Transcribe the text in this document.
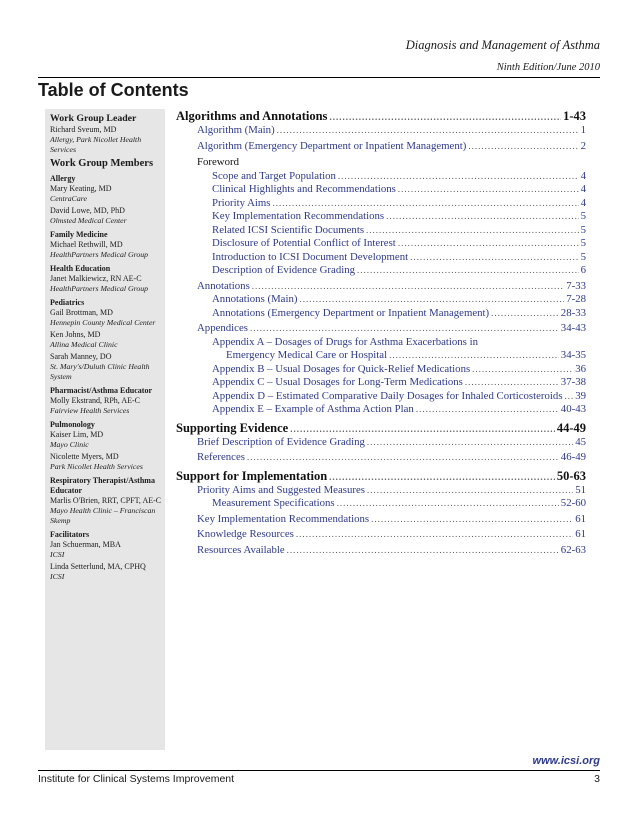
Diagnosis and Management of Asthma
Ninth Edition/June 2010
Table of Contents
Work Group Leader
Richard Sveum, MD
Allergy, Park Nicollet Health Services
Work Group Members
Allergy
Mary Keating, MD
CentraCare
David Lowe, MD, PhD
Olmsted Medical Center
Family Medicine
Michael Rethwill, MD
HealthPartners Medical Group
Health Education
Janet Malkiewicz, RN AE-C
HealthPartners Medical Group
Pediatrics
Gail Brottman, MD
Hennepin County Medical Center
Ken Johns, MD
Allina Medical Clinic
Sarah Manney, DO
St. Mary's/Duluth Clinic Health System
Pharmacist/Asthma Educator
Molly Ekstrand, RPh, AE-C
Fairview Health Services
Pulmonology
Kaiser Lim, MD
Mayo Clinic
Nicolette Myers, MD
Park Nicollet Health Services
Respiratory Therapist/Asthma Educator
Marlis O'Brien, RRT, CPFT, AE-C
Mayo Health Clinic – Franciscan Skemp
Facilitators
Jan Schuerman, MBA
ICSI
Linda Setterlund, MA, CPHQ
ICSI
Algorithms and Annotations .....	1-43
Algorithm (Main) .....	1
Algorithm (Emergency Department or Inpatient Management) .....	2
Foreword
Scope and Target Population .....	4
Clinical Highlights and Recommendations .....	4
Priority Aims .....	4
Key Implementation Recommendations .....	5
Related ICSI Scientific Documents .....	5
Disclosure of Potential Conflict of Interest .....	5
Introduction to ICSI Document Development .....	5
Description of Evidence Grading .....	6
Annotations .....	7-33
Annotations (Main) .....	7-28
Annotations (Emergency Department or Inpatient Management) .....	28-33
Appendices .....	34-43
Appendix A – Dosages of Drugs for Asthma Exacerbations in
Emergency Medical Care or Hospital .....	34-35
Appendix B – Usual Dosages for Quick-Relief Medications .....	36
Appendix C – Usual Dosages for Long-Term Medications .....	37-38
Appendix D – Estimated Comparative Daily Dosages for Inhaled Corticosteroids ..... 39
Appendix E – Example of Asthma Action Plan .....	40-43
Supporting Evidence .....	44-49
Brief Description of Evidence Grading .....	45
References .....	46-49
Support for Implementation .....	50-63
Priority Aims and Suggested Measures .....	51
Measurement Specifications .....	52-60
Key Implementation Recommendations .....	61
Knowledge Resources .....	61
Resources Available .....	62-63
www.icsi.org
Institute for Clinical Systems Improvement	3
